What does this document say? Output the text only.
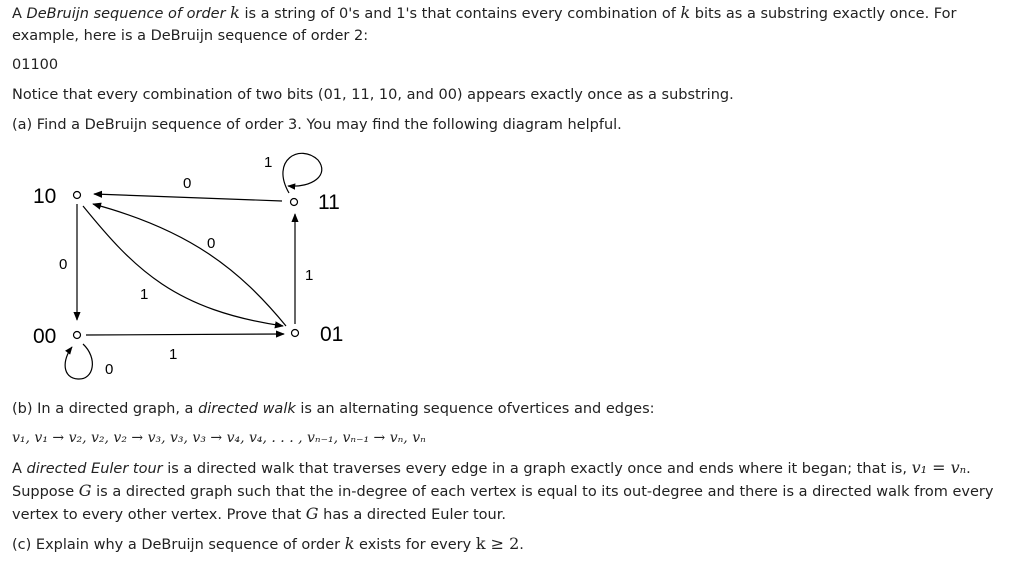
A DeBruijn sequence of order k is a string of 0's and 1's that contains every combination of k bits as a substring exactly once. For example, here is a DeBruijn sequence of order 2:
01100
Notice that every combination of two bits (01, 11, 10, and 00) appears exactly once as a substring.
(a) Find a DeBruijn sequence of order 3. You may find the following diagram helpful.
10	11
00	01
0
1
0
1
0
1
1
0
(b) In a directed graph, a directed walk is an alternating sequence ofvertices and edges:
v₁, v₁ → v₂, v₂, v₂ → v₃, v₃, v₃ → v₄, v₄, . . . , vₙ₋₁, vₙ₋₁ → vₙ, vₙ
A directed Euler tour is a directed walk that traverses every edge in a graph exactly once and ends where it began; that is, v₁ = vₙ. Suppose G is a directed graph such that the in-degree of each vertex is equal to its out-degree and there is a directed walk from every vertex to every other vertex. Prove that G has a directed Euler tour.
(c) Explain why a DeBruijn sequence of order k exists for every k ≥ 2.
